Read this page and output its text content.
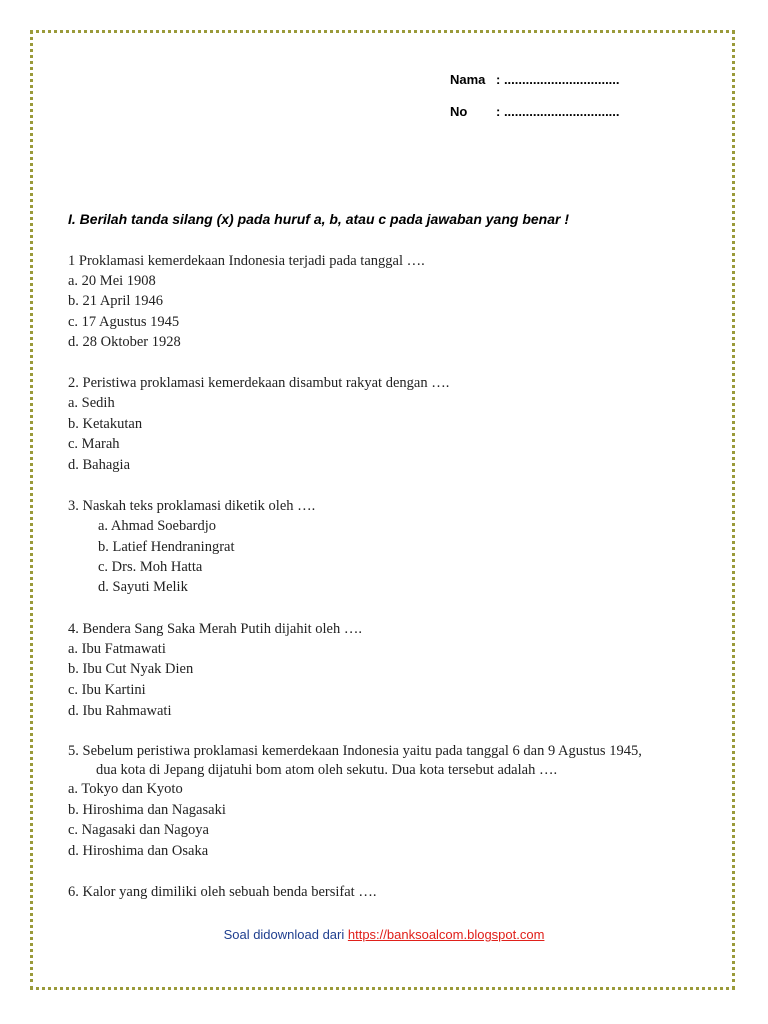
Nama : ................................
No : ................................
I. Berilah tanda silang (x) pada huruf a, b, atau c pada jawaban yang benar !
1 Proklamasi kemerdekaan Indonesia terjadi pada tanggal ….
a. 20 Mei 1908
b. 21 April 1946
c. 17 Agustus 1945
d. 28 Oktober 1928
2. Peristiwa proklamasi kemerdekaan disambut rakyat dengan ….
a. Sedih
b. Ketakutan
c. Marah
d. Bahagia
3. Naskah teks proklamasi diketik oleh ….
a. Ahmad Soebardjo
b. Latief Hendraningrat
c. Drs. Moh Hatta
d. Sayuti Melik
4. Bendera Sang Saka Merah Putih dijahit oleh ….
a. Ibu Fatmawati
b. Ibu Cut Nyak Dien
c. Ibu Kartini
d. Ibu Rahmawati
5. Sebelum peristiwa proklamasi kemerdekaan Indonesia yaitu pada tanggal 6 dan 9 Agustus 1945,
dua kota di Jepang dijatuhi bom atom oleh sekutu. Dua kota tersebut adalah ….
a. Tokyo dan Kyoto
b. Hiroshima dan Nagasaki
c. Nagasaki dan Nagoya
d. Hiroshima dan Osaka
6. Kalor yang dimiliki oleh sebuah benda bersifat ….
Soal didownload dari https://banksoalcom.blogspot.com
